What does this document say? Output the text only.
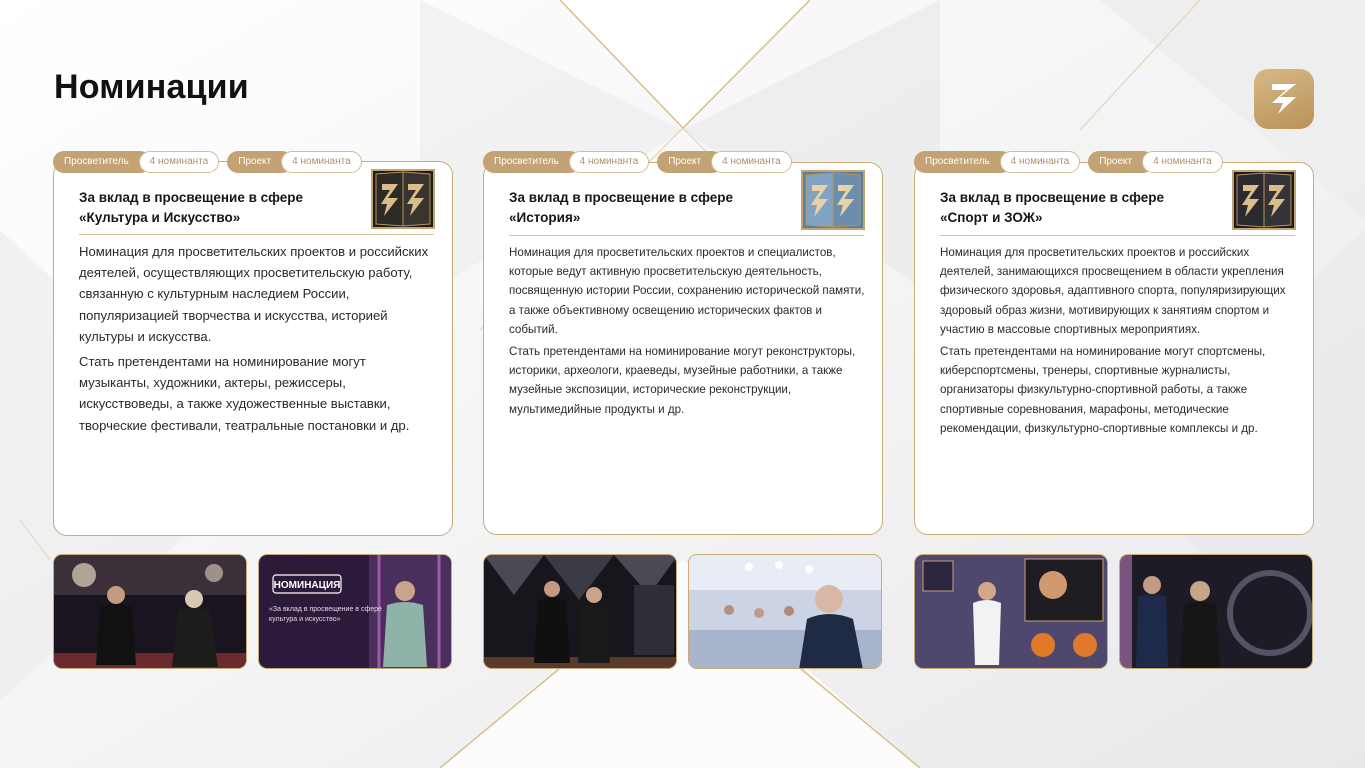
Номинации
За вклад в просвещение в сфере
«Культура и Искусство»

Номинация для просветительских проектов и российских деятелей, осуществляющих просветительскую работу, связанную с культурным наследием России, популяризацией творчества и искусства, историей культуры и искусства.

Стать претендентами на номинирование могут музыканты, художники, актеры, режиссеры, искусствоведы, а также художественные выставки, творческие фестивали, театральные постановки и др.

Просветитель	4 номинанта	Проект	4 номинанта
НОМИНАЦИЯ
«За вклад в просвещение в сфере
культура и искусство»
За вклад в просвещение в сфере
«История»

Номинация для просветительских проектов и специалистов, которые ведут активную просветительскую деятельность, посвященную истории России, сохранению исторической памяти, а также объективному освещению исторических фактов и событий.

Стать претендентами на номинирование могут реконструкторы, историки, археологи, краеведы, музейные работники, а также музейные экспозиции, исторические реконструкции, мультимедийные продукты и др.

Просветитель	4 номинанта	Проект	4 номинанта
За вклад в просвещение в сфере
«Спорт и ЗОЖ»

Номинация для просветительских проектов и российских деятелей, занимающихся просвещением в области укрепления физического здоровья, адаптивного спорта, популяризирующих здоровый образ жизни, мотивирующих к занятиям спортом и участию в массовые спортивных мероприятиях.

Стать претендентами на номинирование могут спортсмены, киберспортсмены, тренеры, спортивные журналисты, организаторы физкультурно-спортивной работы, а также спортивные соревнования, марафоны, методические рекомендации, физкультурно-спортивные комплексы и др.

Просветитель	4 номинанта	Проект	4 номинанта
